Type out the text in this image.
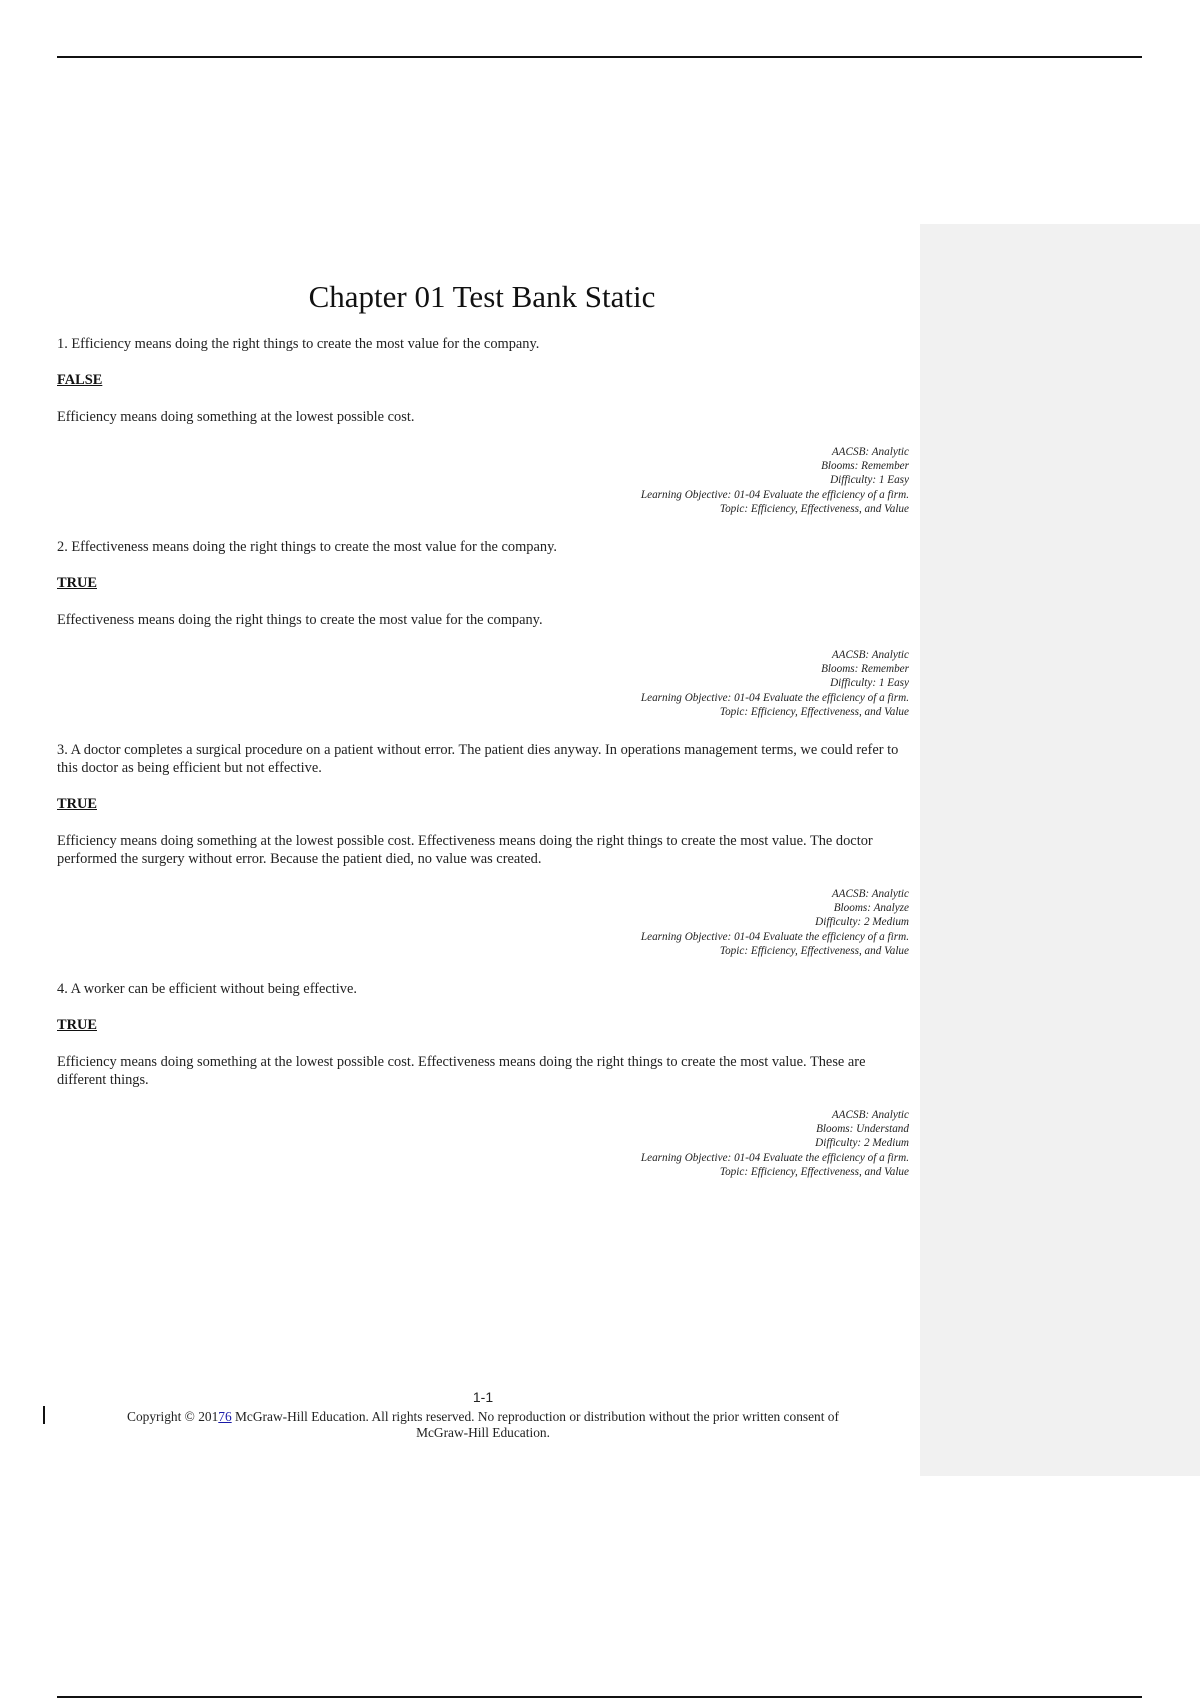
Chapter 01 Test Bank Static

1. Efficiency means doing the right things to create the most value for the company.

FALSE

Efficiency means doing something at the lowest possible cost.

AACSB: Analytic
Blooms: Remember
Difficulty: 1 Easy
Learning Objective: 01-04 Evaluate the efficiency of a firm.
Topic: Efficiency, Effectiveness, and Value

2. Effectiveness means doing the right things to create the most value for the company.

TRUE

Effectiveness means doing the right things to create the most value for the company.

AACSB: Analytic
Blooms: Remember
Difficulty: 1 Easy
Learning Objective: 01-04 Evaluate the efficiency of a firm.
Topic: Efficiency, Effectiveness, and Value

3. A doctor completes a surgical procedure on a patient without error. The patient dies anyway. In operations management terms, we could refer to this doctor as being efficient but not effective.

TRUE

Efficiency means doing something at the lowest possible cost. Effectiveness means doing the right things to create the most value. The doctor performed the surgery without error. Because the patient died, no value was created.

AACSB: Analytic
Blooms: Analyze
Difficulty: 2 Medium
Learning Objective: 01-04 Evaluate the efficiency of a firm.
Topic: Efficiency, Effectiveness, and Value

4. A worker can be efficient without being effective.

TRUE

Efficiency means doing something at the lowest possible cost. Effectiveness means doing the right things to create the most value. These are different things.

AACSB: Analytic
Blooms: Understand
Difficulty: 2 Medium
Learning Objective: 01-04 Evaluate the efficiency of a firm.
Topic: Efficiency, Effectiveness, and Value
1-1
Copyright © 20176 McGraw-Hill Education. All rights reserved. No reproduction or distribution without the prior written consent of McGraw-Hill Education.
